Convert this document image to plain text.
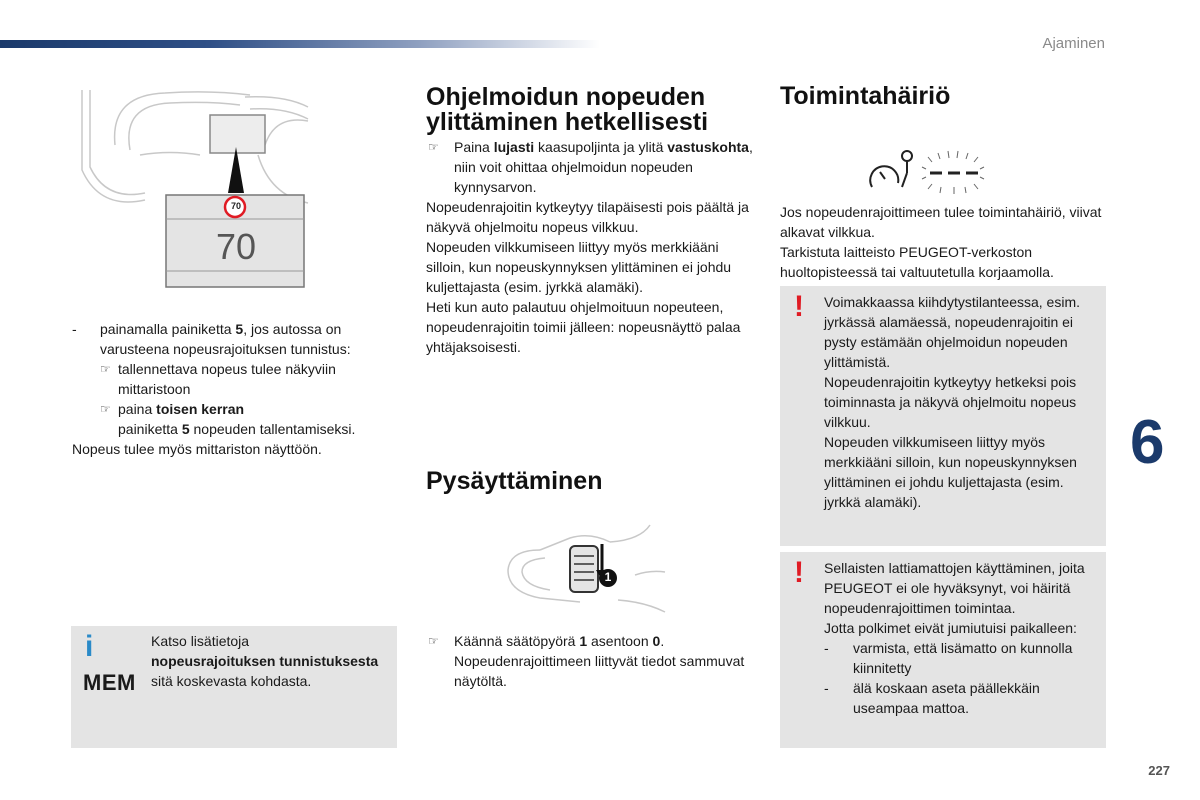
Ajaminen
6
227
70
70
- painamalla painiketta 5, jos autossa on varusteena nopeusrajoituksen tunnistus:
☞ tallennettava nopeus tulee näkyviin mittaristoon
☞ paina toisen kerran
painiketta 5 nopeuden tallentamiseksi.
Nopeus tulee myös mittariston näyttöön.
i
MEM
Katso lisätietoja
nopeusrajoituksen tunnistuksesta sitä koskevasta kohdasta.
Ohjelmoidun nopeuden
ylittäminen hetkellisesti
☞ Paina lujasti kaasupoljinta ja ylitä vastuskohta, niin voit ohittaa ohjelmoidun nopeuden kynnysarvon.
Nopeudenrajoitin kytkeytyy tilapäisesti pois päältä ja näkyvä ohjelmoitu nopeus vilkkuu.
Nopeuden vilkkumiseen liittyy myös merkkiääni silloin, kun nopeuskynnyksen ylittäminen ei johdu kuljettajasta (esim. jyrkkä alamäki).
Heti kun auto palautuu ohjelmoituun nopeuteen, nopeudenrajoitin toimii jälleen: nopeusnäyttö palaa yhtäjaksoisesti.
Pysäyttäminen
1
☞ Käännä säätöpyörä 1 asentoon 0.
Nopeudenrajoittimeen liittyvät tiedot sammuvat näytöltä.
Toimintahäiriö
Jos nopeudenrajoittimeen tulee toimintahäiriö, viivat alkavat vilkkua.
Tarkistuta laitteisto PEUGEOT-verkoston huoltopisteessä tai valtuutetulla korjaamolla.
! Voimakkaassa kiihdytystilanteessa, esim. jyrkässä alamäessä, nopeudenrajoitin ei pysty estämään ohjelmoidun nopeuden ylittämistä.
Nopeudenrajoitin kytkeytyy hetkeksi pois toiminnasta ja näkyvä ohjelmoitu nopeus vilkkuu.
Nopeuden vilkkumiseen liittyy myös merkkiääni silloin, kun nopeuskynnyksen ylittäminen ei johdu kuljettajasta (esim. jyrkkä alamäki).
! Sellaisten lattiamattojen käyttäminen, joita PEUGEOT ei ole hyväksynyt, voi häiritä nopeudenrajoittimen toimintaa.
Jotta polkimet eivät jumiutuisi paikalleen:
- varmista, että lisämatto on kunnolla kiinnitetty
- älä koskaan aseta päällekkäin useampaa mattoa.
